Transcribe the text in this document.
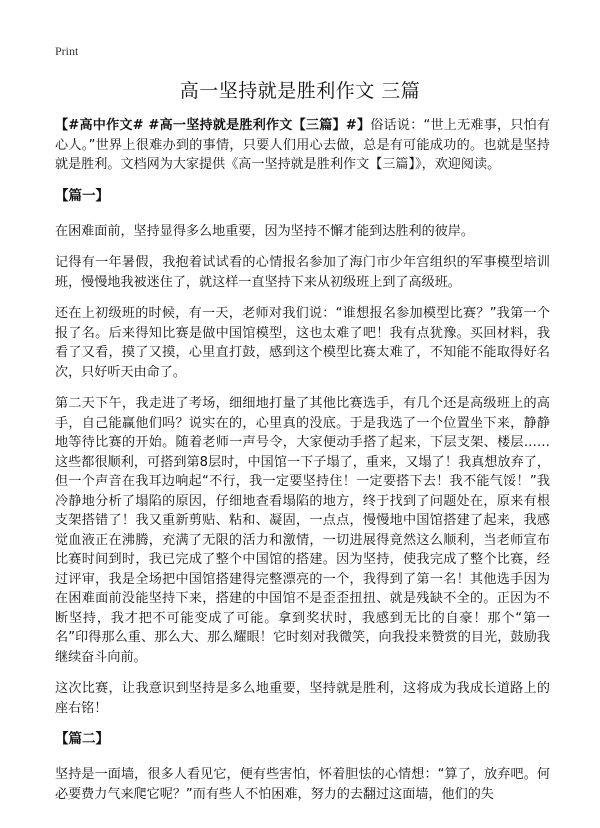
Print
高一坚持就是胜利作文 三篇

【#高中作文# #高一坚持就是胜利作文【三篇】#】俗话说：“世上无难事，只怕有心人。”世界上很难办到的事情，只要人们用心去做，总是有可能成功的。也就是坚持就是胜利。文档网为大家提供《高一坚持就是胜利作文【三篇】》，欢迎阅读。

【篇一】

在困难面前，坚持显得多么地重要，因为坚持不懈才能到达胜利的彼岸。

记得有一年暑假，我抱着试试看的心情报名参加了海门市少年宫组织的军事模型培训班，慢慢地我被迷住了，就这样一直坚持下来从初级班上到了高级班。

还在上初级班的时候，有一天，老师对我们说：“谁想报名参加模型比赛？”我第一个报了名。后来得知比赛是做中国馆模型，这也太难了吧！我有点犹豫。买回材料，我看了又看，摸了又摸，心里直打鼓，感到这个模型比赛太难了，不知能不能取得好名次，只好听天由命了。

第二天下午，我走进了考场，细细地打量了其他比赛选手，有几个还是高级班上的高手，自己能赢他们吗？说实在的，心里真的没底。于是我选了一个位置坐下来，静静地等待比赛的开始。随着老师一声号令，大家便动手搭了起来，下层支架、楼层……这些都很顺利，可搭到第8层时，中国馆一下子塌了，重来，又塌了！我真想放弃了，但一个声音在我耳边响起“不行，我一定要坚持住！一定要搭下去！我不能气馁！”我冷静地分析了塌陷的原因，仔细地查看塌陷的地方，终于找到了问题处在，原来有根支架搭错了！我又重新剪贴、粘和、凝固，一点点，慢慢地中国馆搭建了起来，我感觉血液正在沸腾，充满了无限的活力和激情，一切进展得竟然这么顺利，当老师宣布比赛时间到时，我已完成了整个中国馆的搭建。因为坚持，使我完成了整个比赛，经过评审，我是全场把中国馆搭建得完整漂亮的一个，我得到了第一名！其他选手因为在困难面前没能坚持下来，搭建的中国馆不是歪歪扭扭、就是残缺不全的。正因为不断坚持，我才把不可能变成了可能。拿到奖状时，我感到无比的自豪！那个“第一名”印得那么重、那么大、那么耀眼！它时刻对我微笑，向我投来赞赏的目光，鼓励我继续奋斗向前。

这次比赛，让我意识到坚持是多么地重要，坚持就是胜利，这将成为我成长道路上的座右铭！

【篇二】

坚持是一面墙，很多人看见它，便有些害怕，怀着胆怯的心情想：“算了，放弃吧。何必要费力气来爬它呢？”而有些人不怕困难，努力的去翻过这面墙，他们的失
